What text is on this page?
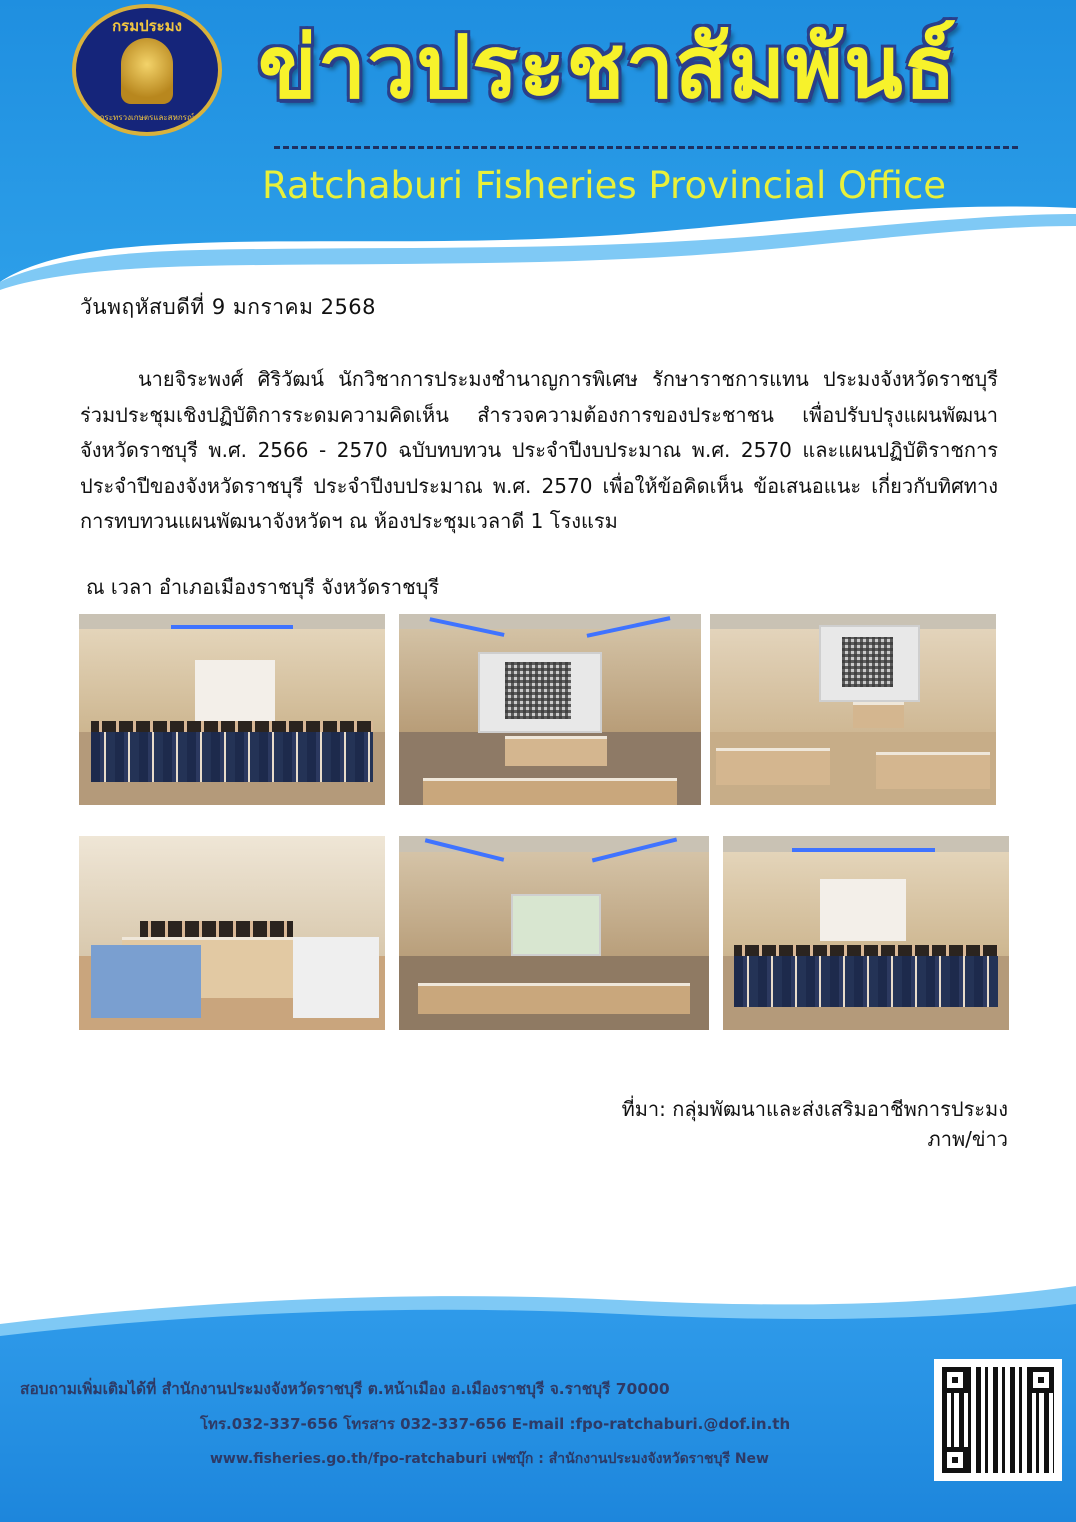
กรมประมง
กระทรวงเกษตรและสหกรณ์ ข่าวประชาสัมพันธ์
Ratchaburi Fisheries Provincial Office
วันพฤหัสบดีที่ 9 มกราคม 2568

นายจิระพงศ์ ศิริวัฒน์ นักวิชาการประมงชำนาญการพิเศษ รักษาราชการแทน ประมงจังหวัดราชบุรี ร่วมประชุมเชิงปฏิบัติการระดมความคิดเห็น สำรวจความต้องการของประชาชน เพื่อปรับปรุงแผนพัฒนาจังหวัดราชบุรี พ.ศ. 2566 - 2570 ฉบับทบทวน ประจำปีงบประมาณ พ.ศ. 2570 และแผนปฏิบัติราชการประจำปีของจังหวัดราชบุรี ประจำปีงบประมาณ พ.ศ. 2570 เพื่อให้ข้อคิดเห็น ข้อเสนอแนะ เกี่ยวกับทิศทางการทบทวนแผนพัฒนาจังหวัดฯ ณ ห้องประชุมเวลาดี 1 โรงแรม

ณ เวลา อำเภอเมืองราชบุรี จังหวัดราชบุรี
ที่มา: กลุ่มพัฒนาและส่งเสริมอาชีพการประมง
ภาพ/ข่าว
สอบถามเพิ่มเติมได้ที่ สำนักงานประมงจังหวัดราชบุรี ต.หน้าเมือง อ.เมืองราชบุรี จ.ราชบุรี 70000
โทร.032-337-656 โทรสาร 032-337-656 E-mail :fpo-ratchaburi.@dof.in.th
www.fisheries.go.th/fpo-ratchaburi เฟซบุ๊ก : สำนักงานประมงจังหวัดราชบุรี New
